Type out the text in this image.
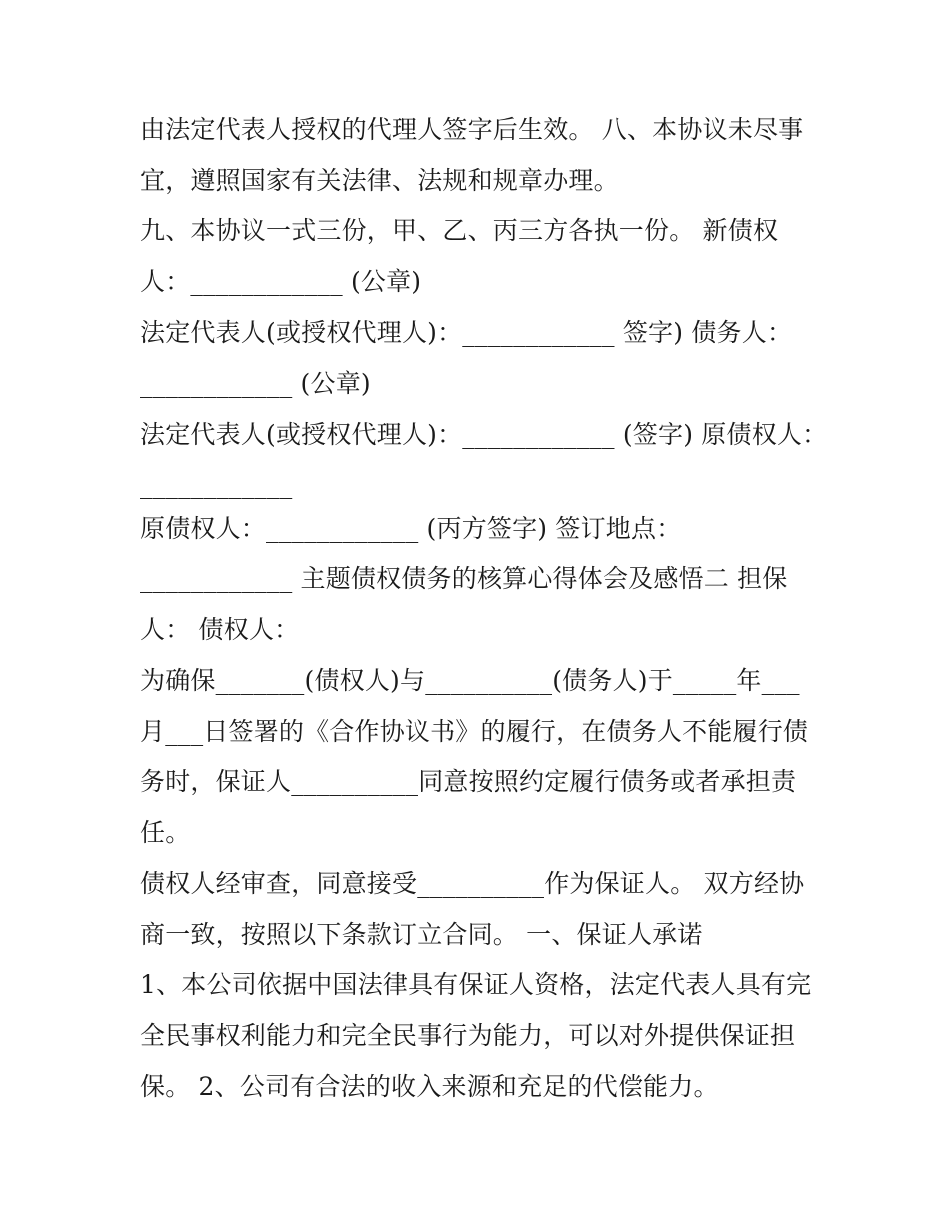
由法定代表人授权的代理人签字后生效。 八、本协议未尽事
宜，遵照国家有关法律、法规和规章办理。
九、本协议一式三份，甲、乙、丙三方各执一份。 新债权
人：____________ (公章)
法定代表人(或授权代理人)：____________ 签字) 债务人：
____________ (公章)
法定代表人(或授权代理人)：____________ (签字) 原债权人：
____________
原债权人：____________ (丙方签字) 签订地点：
____________ 主题债权债务的核算心得体会及感悟二 担保
人： 债权人：
为确保_______(债权人)与__________(债务人)于_____年___
月___日签署的《合作协议书》的履行，在债务人不能履行债
务时，保证人__________同意按照约定履行债务或者承担责
任。
债权人经审查，同意接受__________作为保证人。 双方经协
商一致，按照以下条款订立合同。 一、保证人承诺
1、本公司依据中国法律具有保证人资格，法定代表人具有完
全民事权利能力和完全民事行为能力，可以对外提供保证担
保。 2、公司有合法的收入来源和充足的代偿能力。
